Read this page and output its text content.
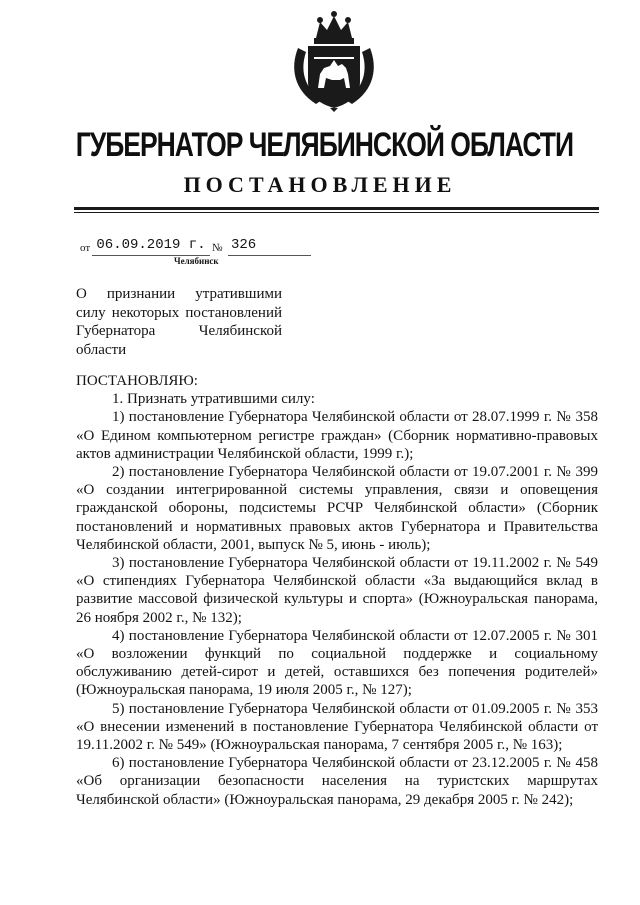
ГУБЕРНАТОР ЧЕЛЯБИНСКОЙ ОБЛАСТИ
ПОСТАНОВЛЕНИЕ
от 06.09.2019 г. № 326
Челябинск
О признании утратившими
силу некоторых постановлений
Губернатора Челябинской
области

ПОСТАНОВЛЯЮ:

1. Признать утратившими силу:

1) постановление Губернатора Челябинской области от 28.07.1999 г. № 358 «О Едином компьютерном регистре граждан» (Сборник нормативно-правовых актов администрации Челябинской области, 1999 г.);

2) постановление Губернатора Челябинской области от 19.07.2001 г. № 399 «О создании интегрированной системы управления, связи и оповещения гражданской обороны, подсистемы РСЧР Челябинской области» (Сборник постановлений и нормативных правовых актов Губернатора и Правительства Челябинской области, 2001, выпуск № 5, июнь - июль);

3) постановление Губернатора Челябинской области от 19.11.2002 г. № 549 «О стипендиях Губернатора Челябинской области «За выдающийся вклад в развитие массовой физической культуры и спорта» (Южноуральская панорама, 26 ноября 2002 г., № 132);

4) постановление Губернатора Челябинской области от 12.07.2005 г. № 301 «О возложении функций по социальной поддержке и социальному обслуживанию детей-сирот и детей, оставшихся без попечения родителей» (Южноуральская панорама, 19 июля 2005 г., № 127);

5) постановление Губернатора Челябинской области от 01.09.2005 г. № 353 «О внесении изменений в постановление Губернатора Челябинской области от 19.11.2002 г. № 549» (Южноуральская панорама, 7 сентября 2005 г., № 163);

6) постановление Губернатора Челябинской области от 23.12.2005 г. № 458 «Об организации безопасности населения на туристских маршрутах Челябинской области» (Южноуральская панорама, 29 декабря 2005 г. № 242);
